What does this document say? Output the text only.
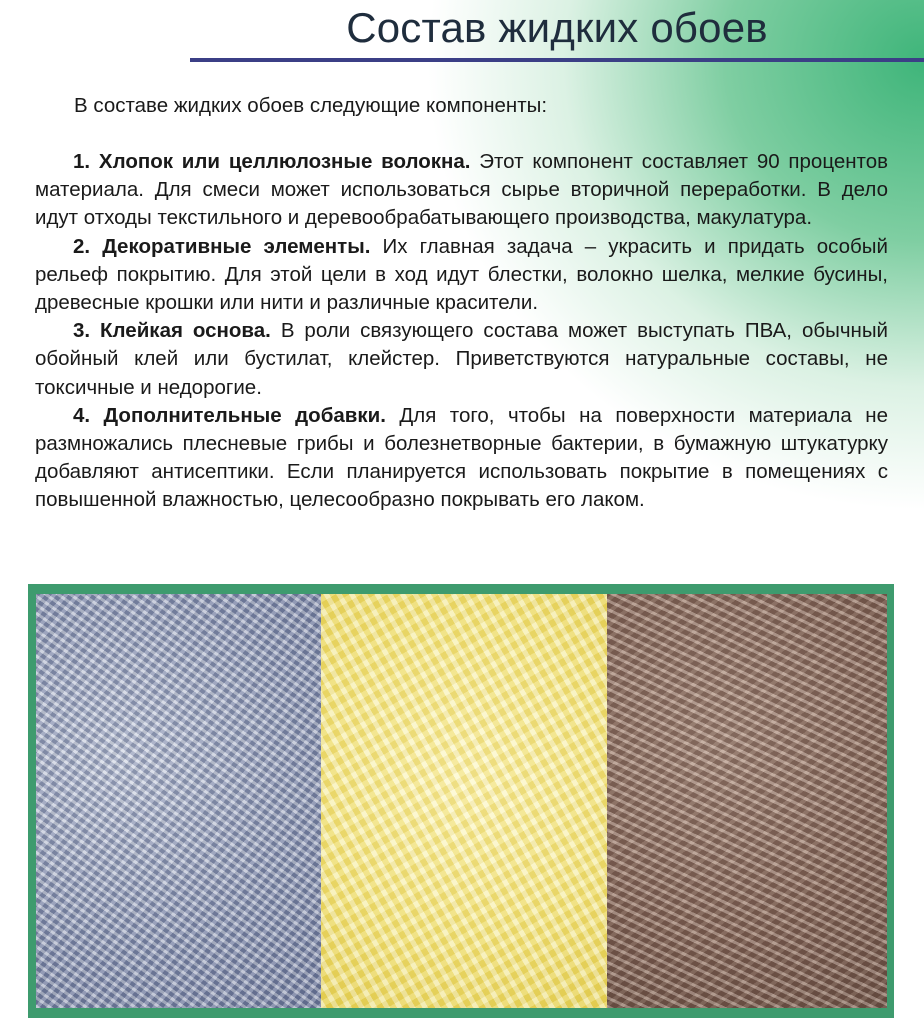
Состав жидких обоев
В составе жидких обоев следующие компоненты:

1. Хлопок или целлюлозные волокна. Этот компонент составляет 90 процентов материала. Для смеси может использоваться сырье вторичной переработки. В дело идут отходы текстильного и деревообрабатывающего производства, макулатура.

2. Декоративные элементы. Их главная задача – украсить и придать особый рельеф покрытию. Для этой цели в ход идут блестки, волокно шелка, мелкие бусины, древесные крошки или нити и различные красители.

3. Клейкая основа. В роли связующего состава может выступать ПВА, обычный обойный клей или бустилат, клейстер. Приветствуются натуральные составы, не токсичные и недорогие.

4. Дополнительные добавки. Для того, чтобы на поверхности материала не размножались плесневые грибы и болезнетворные бактерии, в бумажную штукатурку добавляют антисептики. Если планируется использовать покрытие в помещениях с повышенной влажностью, целесообразно покрывать его лаком.
